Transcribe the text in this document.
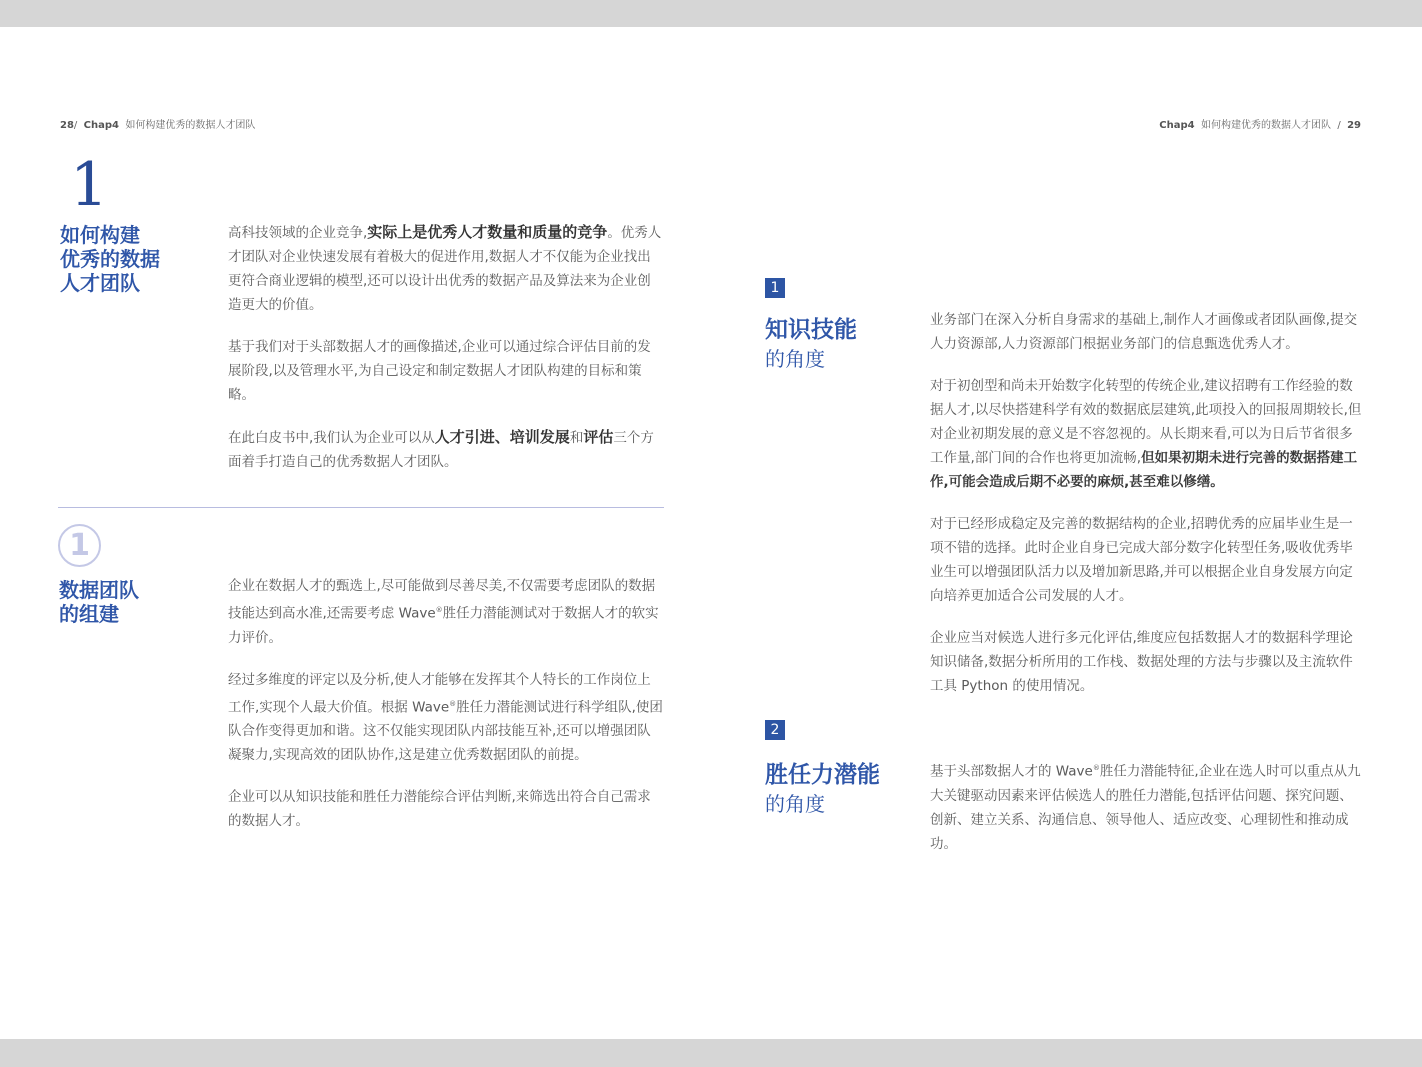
28/ Chap4 如何构建优秀的数据人才团队	Chap4 如何构建优秀的数据人才团队 / 29
1
如何构建
优秀的数据
人才团队

高科技领域的企业竞争,实际上是优秀人才数量和质量的竞争。优秀人才团队对企业快速发展有着极大的促进作用,数据人才不仅能为企业找出更符合商业逻辑的模型,还可以设计出优秀的数据产品及算法来为企业创造更大的价值。

基于我们对于头部数据人才的画像描述,企业可以通过综合评估目前的发展阶段,以及管理水平,为自己设定和制定数据人才团队构建的目标和策略。

在此白皮书中,我们认为企业可以从人才引进、培训发展和评估三个方面着手打造自己的优秀数据人才团队。

1
数据团队
的组建

企业在数据人才的甄选上,尽可能做到尽善尽美,不仅需要考虑团队的数据技能达到高水准,还需要考虑 Wave®胜任力潜能测试对于数据人才的软实力评价。

经过多维度的评定以及分析,使人才能够在发挥其个人特长的工作岗位上工作,实现个人最大价值。根据 Wave®胜任力潜能测试进行科学组队,使团队合作变得更加和谐。这不仅能实现团队内部技能互补,还可以增强团队凝聚力,实现高效的团队协作,这是建立优秀数据团队的前提。

企业可以从知识技能和胜任力潜能综合评估判断,来筛选出符合自己需求的数据人才。

1
知识技能
的角度

业务部门在深入分析自身需求的基础上,制作人才画像或者团队画像,提交人力资源部,人力资源部门根据业务部门的信息甄选优秀人才。

对于初创型和尚未开始数字化转型的传统企业,建议招聘有工作经验的数据人才,以尽快搭建科学有效的数据底层建筑,此项投入的回报周期较长,但对企业初期发展的意义是不容忽视的。从长期来看,可以为日后节省很多工作量,部门间的合作也将更加流畅,但如果初期未进行完善的数据搭建工作,可能会造成后期不必要的麻烦,甚至难以修缮。

对于已经形成稳定及完善的数据结构的企业,招聘优秀的应届毕业生是一项不错的选择。此时企业自身已完成大部分数字化转型任务,吸收优秀毕业生可以增强团队活力以及增加新思路,并可以根据企业自身发展方向定向培养更加适合公司发展的人才。

企业应当对候选人进行多元化评估,维度应包括数据人才的数据科学理论知识储备,数据分析所用的工作栈、数据处理的方法与步骤以及主流软件工具 Python 的使用情况。

2
胜任力潜能
的角度

基于头部数据人才的 Wave®胜任力潜能特征,企业在选人时可以重点从九大关键驱动因素来评估候选人的胜任力潜能,包括评估问题、探究问题、创新、建立关系、沟通信息、领导他人、适应改变、心理韧性和推动成功。
